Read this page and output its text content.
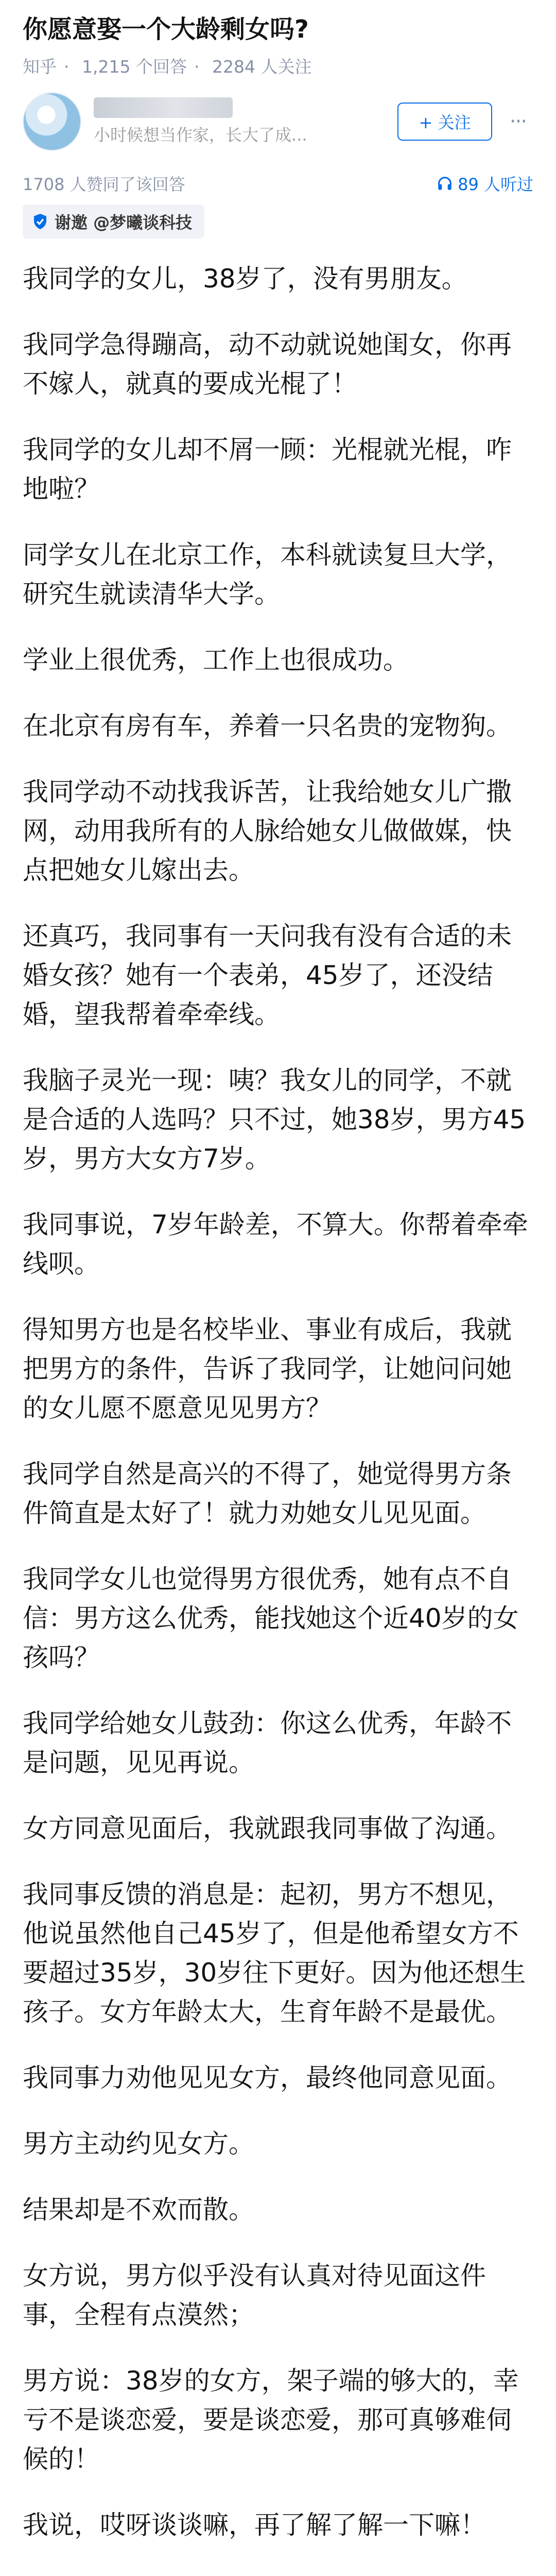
你愿意娶一个大龄剩女吗?
知乎 · 1,215 个回答 · 2284 人关注
小时候想当作家，长大了成...
+ 关注	···
1708 人赞同了该回答	89 人听过
谢邀 @梦曦谈科技

我同学的女儿，38岁了，没有男朋友。

我同学急得蹦高，动不动就说她闺女，你再不嫁人，就真的要成光棍了！

我同学的女儿却不屑一顾：光棍就光棍，咋地啦？

同学女儿在北京工作，本科就读复旦大学，研究生就读清华大学。

学业上很优秀，工作上也很成功。

在北京有房有车，养着一只名贵的宠物狗。

我同学动不动找我诉苦，让我给她女儿广撒网，动用我所有的人脉给她女儿做做媒，快点把她女儿嫁出去。

还真巧，我同事有一天问我有没有合适的未婚女孩？她有一个表弟，45岁了，还没结婚，望我帮着牵牵线。

我脑子灵光一现：咦？我女儿的同学，不就是合适的人选吗？只不过，她38岁，男方45岁，男方大女方7岁。

我同事说，7岁年龄差，不算大。你帮着牵牵线呗。

得知男方也是名校毕业、事业有成后，我就把男方的条件，告诉了我同学，让她问问她的女儿愿不愿意见见男方？

我同学自然是高兴的不得了，她觉得男方条件简直是太好了！就力劝她女儿见见面。

我同学女儿也觉得男方很优秀，她有点不自信：男方这么优秀，能找她这个近40岁的女孩吗？

我同学给她女儿鼓劲：你这么优秀，年龄不是问题，见见再说。

女方同意见面后，我就跟我同事做了沟通。

我同事反馈的消息是：起初，男方不想见，他说虽然他自己45岁了，但是他希望女方不要超过35岁，30岁往下更好。因为他还想生孩子。女方年龄太大，生育年龄不是最优。

我同事力劝他见见女方，最终他同意见面。

男方主动约见女方。

结果却是不欢而散。

女方说，男方似乎没有认真对待见面这件事，全程有点漠然；

男方说：38岁的女方，架子端的够大的，幸亏不是谈恋爱，要是谈恋爱，那可真够难伺候的！

我说，哎呀谈谈嘛，再了解了解一下嘛！
